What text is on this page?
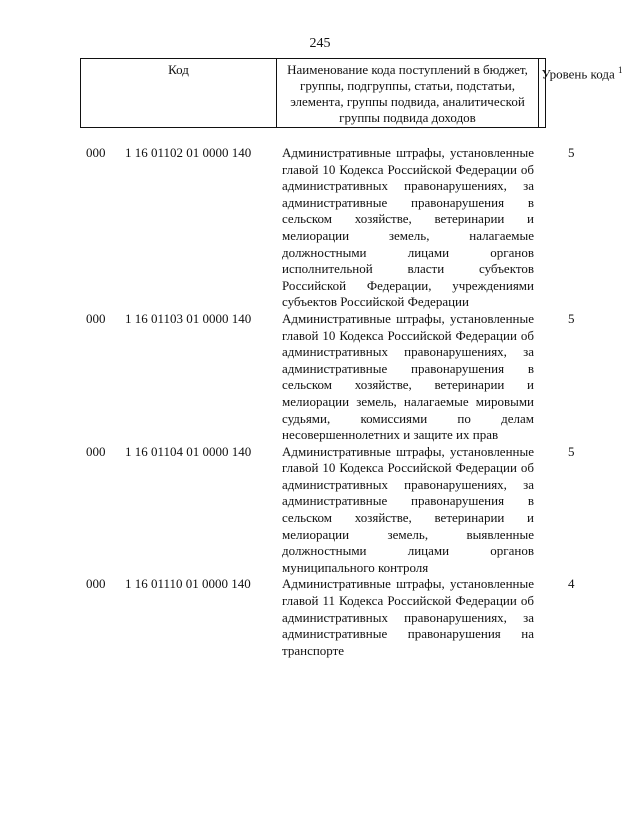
245
Код	Наименование кода поступлений в бюджет, группы, подгруппы, статьи, подстатьи, элемента, группы подвида, аналитической группы подвида доходов
Уровень кода $^1$
000 1 16 01102 01 0000 140 Административные штрафы, установленные главой 10 Кодекса Российской Федерации об административных правонарушениях, за административные правонарушения в сельском хозяйстве, ветеринарии и мелиорации земель, налагаемые должностными лицами органов исполнительной власти субъектов Российской Федерации, учреждениями субъектов Российской Федерации
5
000 1 16 01103 01 0000 140 Административные штрафы, установленные главой 10 Кодекса Российской Федерации об административных правонарушениях, за административные правонарушения в сельском хозяйстве, ветеринарии и мелиорации земель, налагаемые мировыми судьями, комиссиями по делам несовершеннолетних и защите их прав
5
000 1 16 01104 01 0000 140 Административные штрафы, установленные главой 10 Кодекса Российской Федерации об административных правонарушениях, за административные правонарушения в сельском хозяйстве, ветеринарии и мелиорации земель, выявленные должностными лицами органов муниципального контроля
5
000 1 16 01110 01 0000 140 Административные штрафы, установленные главой 11 Кодекса Российской Федерации об административных правонарушениях, за административные правонарушения на транспорте
4
